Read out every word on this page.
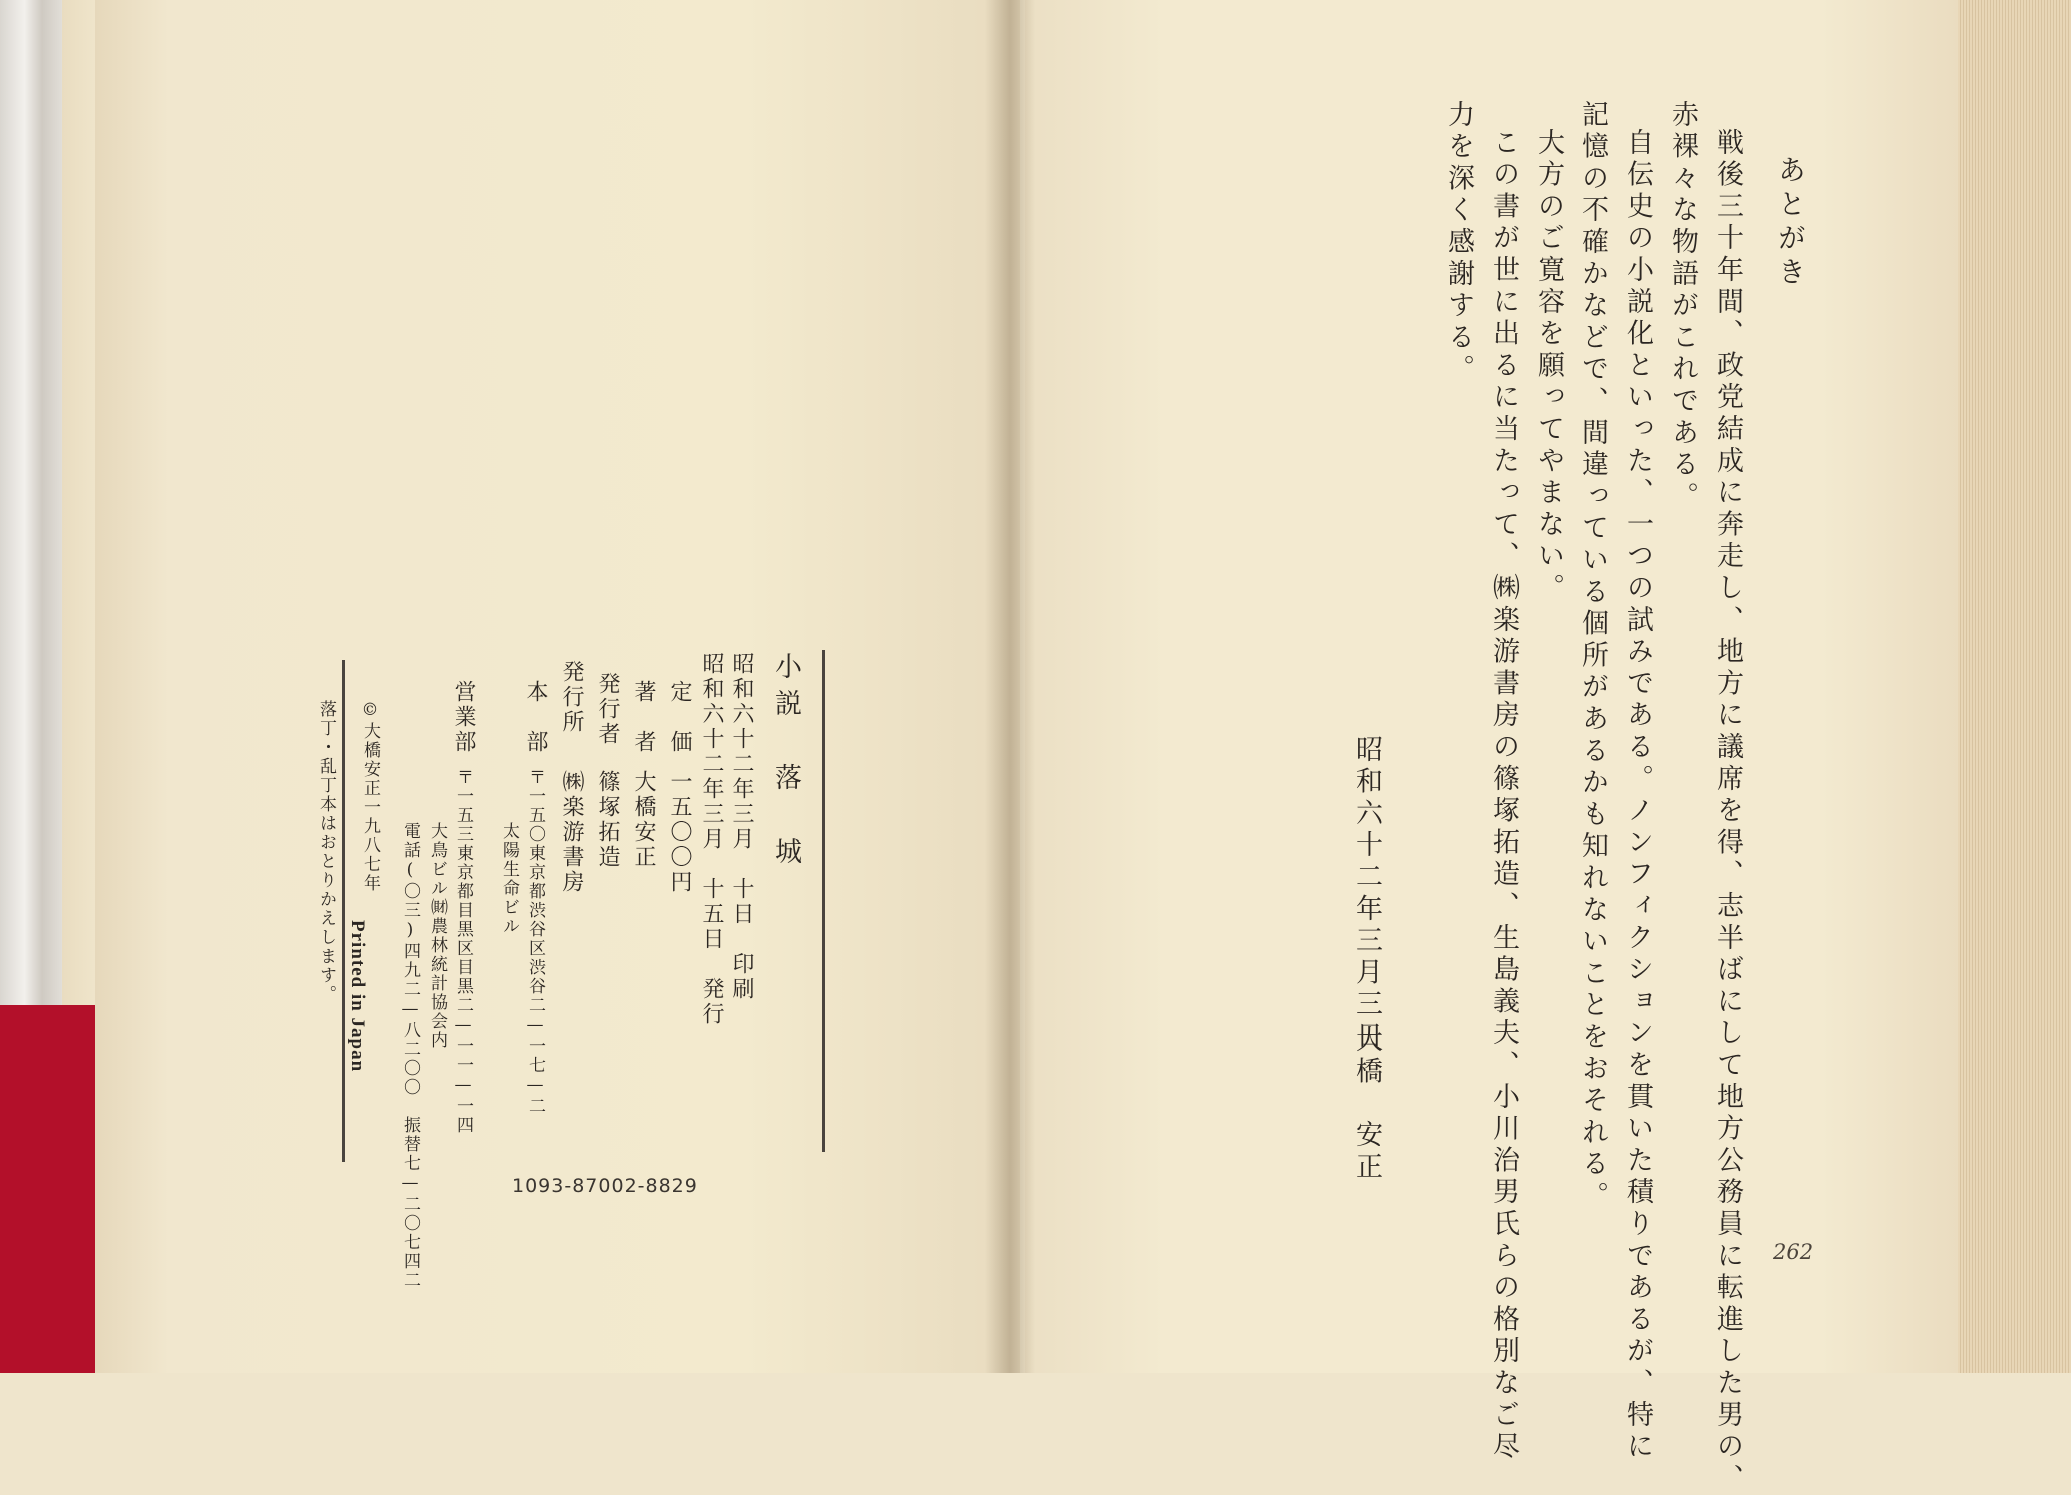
あとがき
戦後三十年間、政党結成に奔走し、地方に議席を得、志半ばにして地方公務員に転進した男の、
赤裸々な物語がこれである。
自伝史の小説化といった、一つの試みである。ノンフィクションを貫いた積りであるが、特に
記憶の不確かなどで、間違っている個所があるかも知れないことをおそれる。
大方のご寛容を願ってやまない。
この書が世に出るに当たって、㈱楽游書房の篠塚拓造、生島義夫、小川治男氏らの格別なご尽
力を深く感謝する。
昭和六十二年三月三日
大橋　安正
262
小説　落　城
昭和六十二年三月　十日　印刷
昭和六十二年三月　十五日　発行
定　価
一五〇〇円
著　者
大橋安正
発行者
篠塚拓造
発行所
㈱楽游書房
本　部
〒一五〇東京都渋谷区渋谷二—一七—二
太陽生命ビル
営業部
〒一五三東京都目黒区目黒二—一一—一四
大鳥ビル㈶農林統計協会内
電話(〇三)四九二—八二〇〇　振替七—二〇七四二
©大橋安正一九八七年
Printed in Japan
落丁・乱丁本はおとりかえします。
1093-87002-8829
